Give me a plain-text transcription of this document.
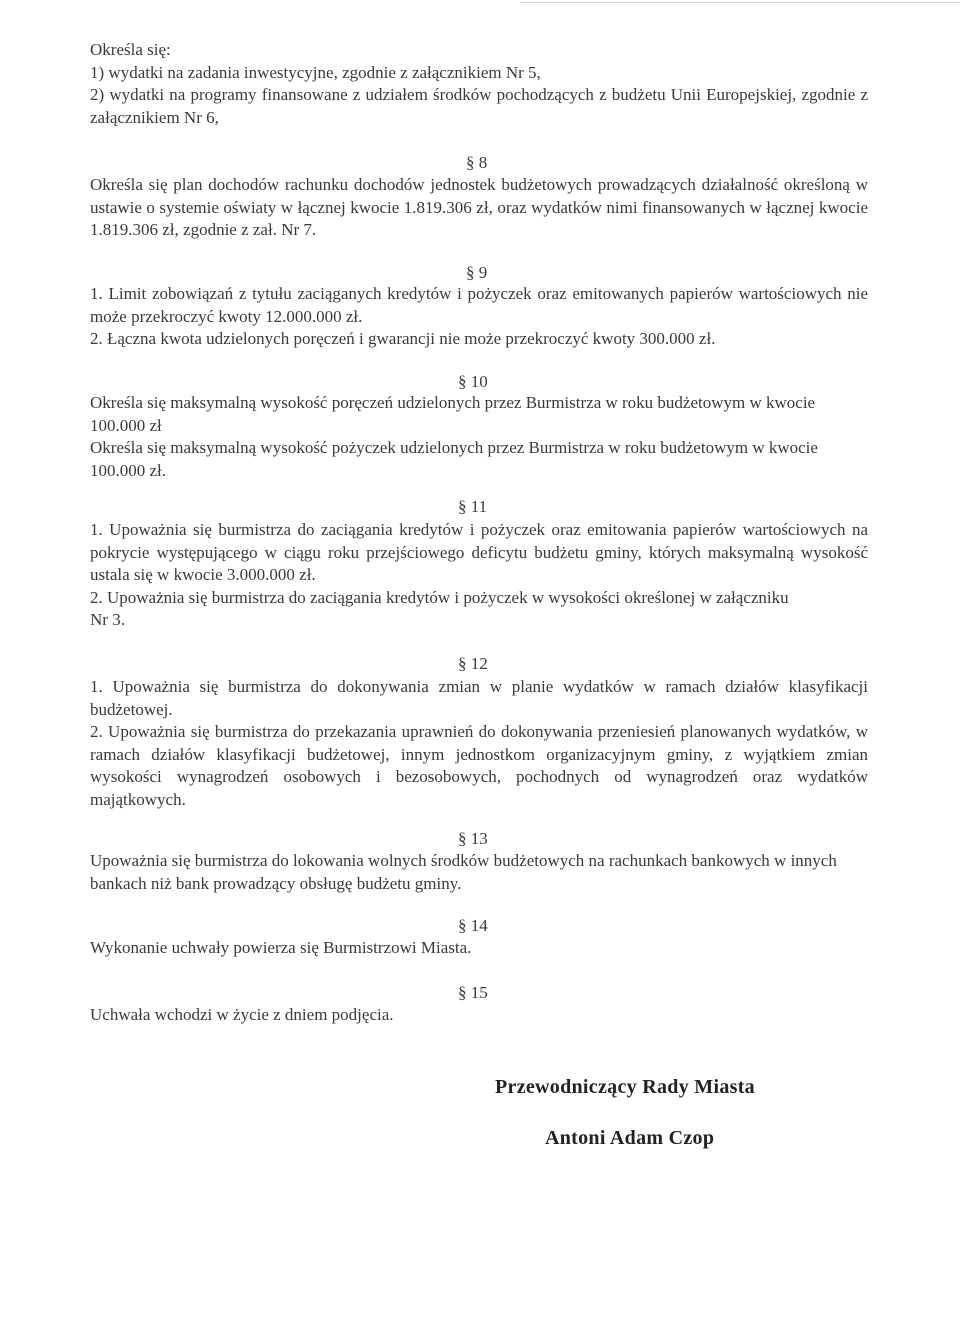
Określa się:

1) wydatki na zadania inwestycyjne, zgodnie z załącznikiem Nr 5,

2) wydatki na programy finansowane z udziałem środków pochodzących z budżetu Unii Europejskiej, zgodnie z załącznikiem Nr 6,

§ 8

Określa się plan dochodów rachunku dochodów jednostek budżetowych prowadzących działalność określoną w ustawie o systemie oświaty w łącznej kwocie 1.819.306 zł, oraz wydatków nimi finansowanych w łącznej kwocie 1.819.306 zł, zgodnie z zał. Nr 7.

§ 9

1. Limit zobowiązań z tytułu zaciąganych kredytów i pożyczek oraz emitowanych papierów wartościowych nie może przekroczyć kwoty 12.000.000 zł.

2. Łączna kwota udzielonych poręczeń i gwarancji nie może przekroczyć kwoty 300.000 zł.

§ 10

Określa się maksymalną wysokość poręczeń udzielonych przez Burmistrza w roku budżetowym w kwocie 100.000 zł

Określa się maksymalną wysokość pożyczek udzielonych przez Burmistrza w roku budżetowym w kwocie 100.000 zł.

§ 11

1. Upoważnia się burmistrza do zaciągania kredytów i pożyczek oraz emitowania papierów wartościowych na pokrycie występującego w ciągu roku przejściowego deficytu budżetu gminy, których maksymalną wysokość ustala się w kwocie 3.000.000 zł.

2. Upoważnia się burmistrza do zaciągania kredytów i pożyczek w wysokości określonej w załączniku Nr 3.

§ 12

1. Upoważnia się burmistrza do dokonywania zmian w planie wydatków w ramach działów klasyfikacji budżetowej.

2. Upoważnia się burmistrza do przekazania uprawnień do dokonywania przeniesień planowanych wydatków, w ramach działów klasyfikacji budżetowej, innym jednostkom organizacyjnym gminy, z wyjątkiem zmian wysokości wynagrodzeń osobowych i bezosobowych, pochodnych od wynagrodzeń oraz wydatków majątkowych.

§ 13

Upoważnia się burmistrza do lokowania wolnych środków budżetowych na rachunkach bankowych w innych bankach niż bank prowadzący obsługę budżetu gminy.

§ 14

Wykonanie uchwały powierza się Burmistrzowi Miasta.

§ 15

Uchwała wchodzi w życie z dniem podjęcia.

Przewodniczący Rady Miasta
Antoni Adam Czop
